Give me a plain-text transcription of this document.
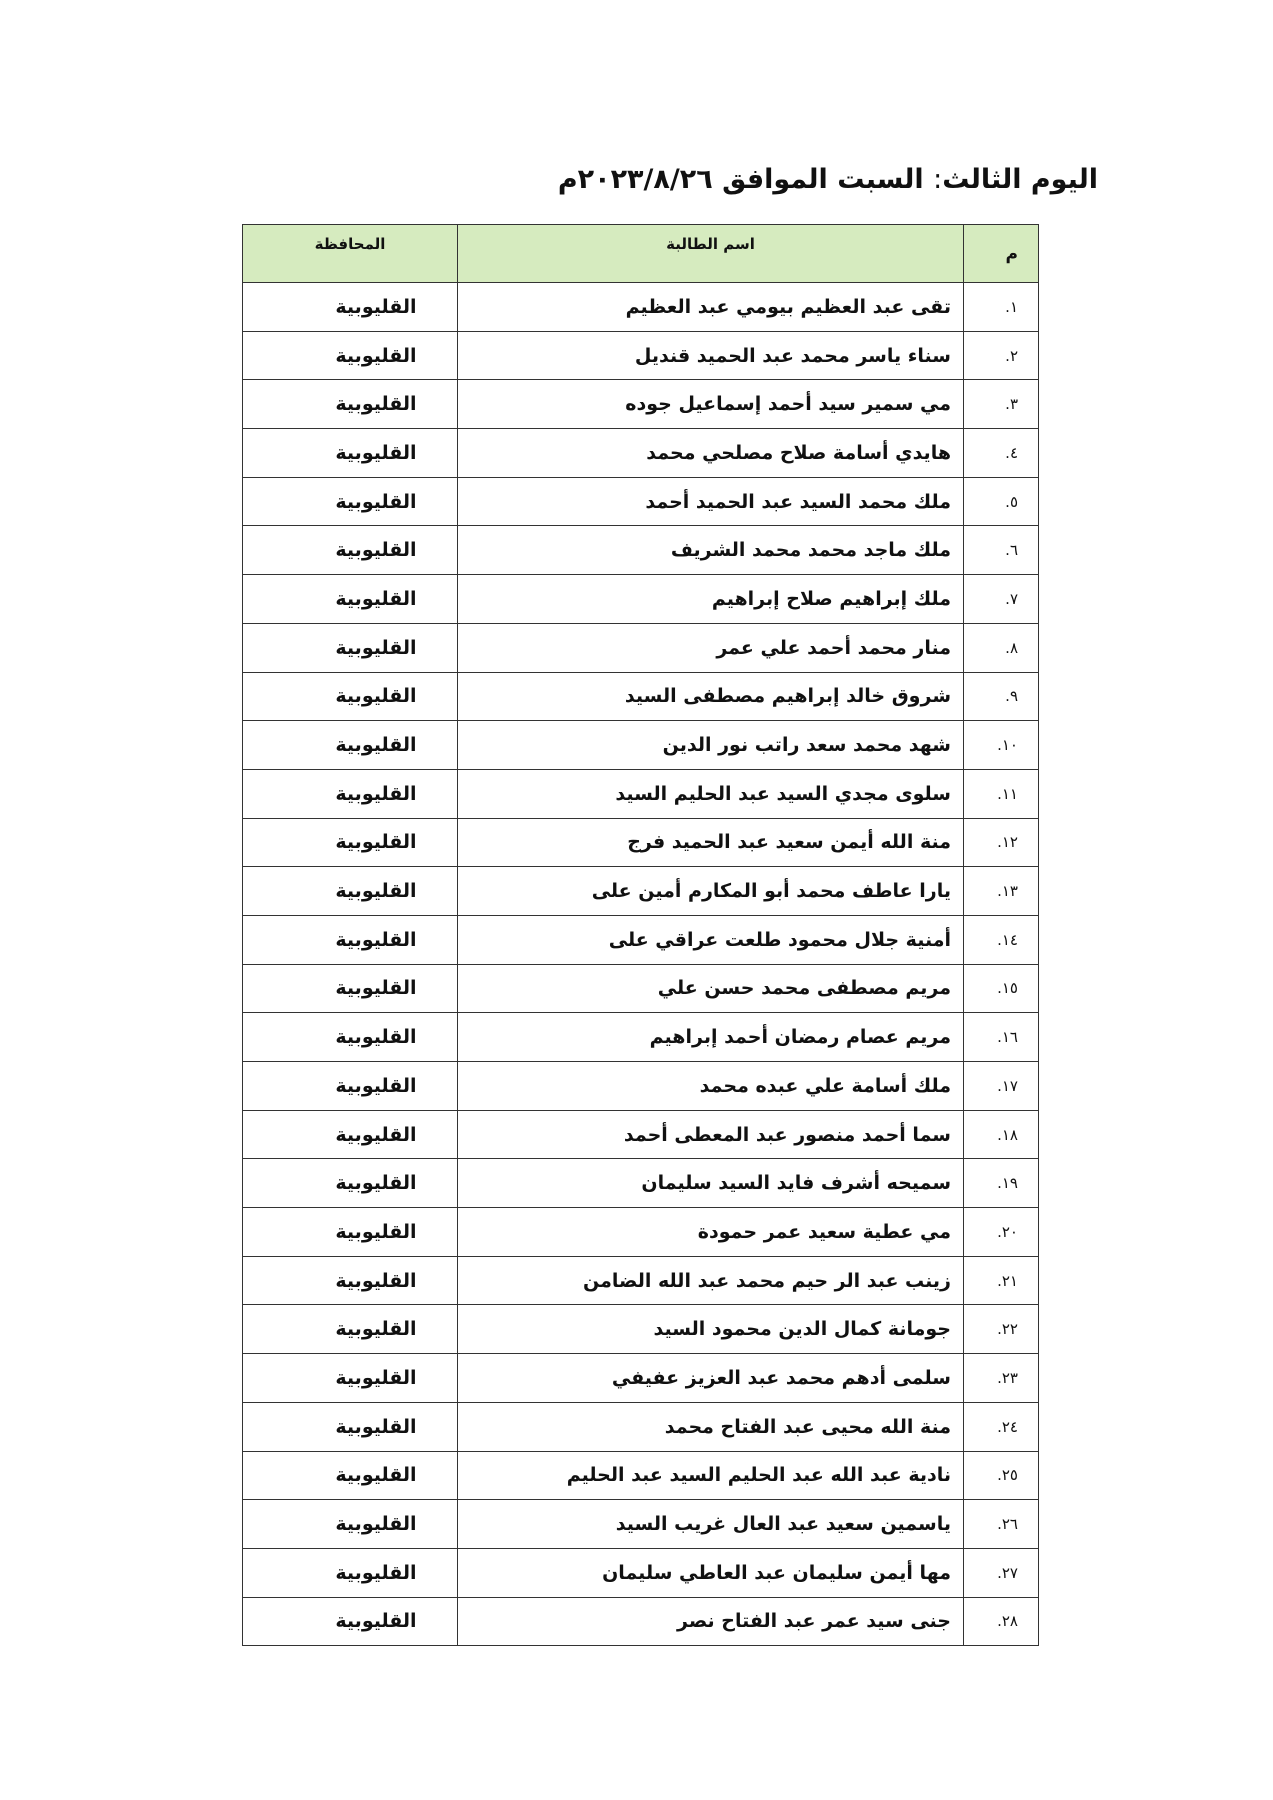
اليوم الثالث: السبت الموافق ٢٠٢٣/٨/٢٦م
م	اسم الطالبة	المحافظة
١.	تقى عبد العظيم بيومي عبد العظيم	القليوبية
٢.	سناء ياسر محمد عبد الحميد قنديل	القليوبية
٣.	مي سمير سيد أحمد إسماعيل جوده	القليوبية
٤.	هايدي أسامة صلاح مصلحي محمد	القليوبية
٥.	ملك محمد السيد عبد الحميد أحمد	القليوبية
٦.	ملك ماجد محمد محمد الشريف	القليوبية
٧.	ملك إبراهيم صلاح إبراهيم	القليوبية
٨.	منار محمد أحمد علي عمر	القليوبية
٩.	شروق خالد إبراهيم مصطفى السيد	القليوبية
١٠.	شهد محمد سعد راتب نور الدين	القليوبية
١١.	سلوى مجدي السيد عبد الحليم السيد	القليوبية
١٢.	منة الله أيمن سعيد عبد الحميد فرج	القليوبية
١٣.	يارا عاطف محمد أبو المكارم أمين على	القليوبية
١٤.	أمنية جلال محمود طلعت عراقي على	القليوبية
١٥.	مريم مصطفى محمد حسن علي	القليوبية
١٦.	مريم عصام رمضان أحمد إبراهيم	القليوبية
١٧.	ملك أسامة علي عبده محمد	القليوبية
١٨.	سما أحمد منصور عبد المعطى أحمد	القليوبية
١٩.	سميحه أشرف فايد السيد سليمان	القليوبية
٢٠.	مي عطية سعيد عمر حمودة	القليوبية
٢١.	زينب عبد الر حيم محمد عبد الله الضامن	القليوبية
٢٢.	جومانة كمال الدين محمود السيد	القليوبية
٢٣.	سلمى أدهم محمد عبد العزيز عفيفي	القليوبية
٢٤.	منة الله محيى عبد الفتاح محمد	القليوبية
٢٥.	نادية عبد الله عبد الحليم السيد عبد الحليم	القليوبية
٢٦.	ياسمين سعيد عبد العال غريب السيد	القليوبية
٢٧.	مها أيمن سليمان عبد العاطي سليمان	القليوبية
٢٨.	جنى سيد عمر عبد الفتاح نصر	القليوبية
